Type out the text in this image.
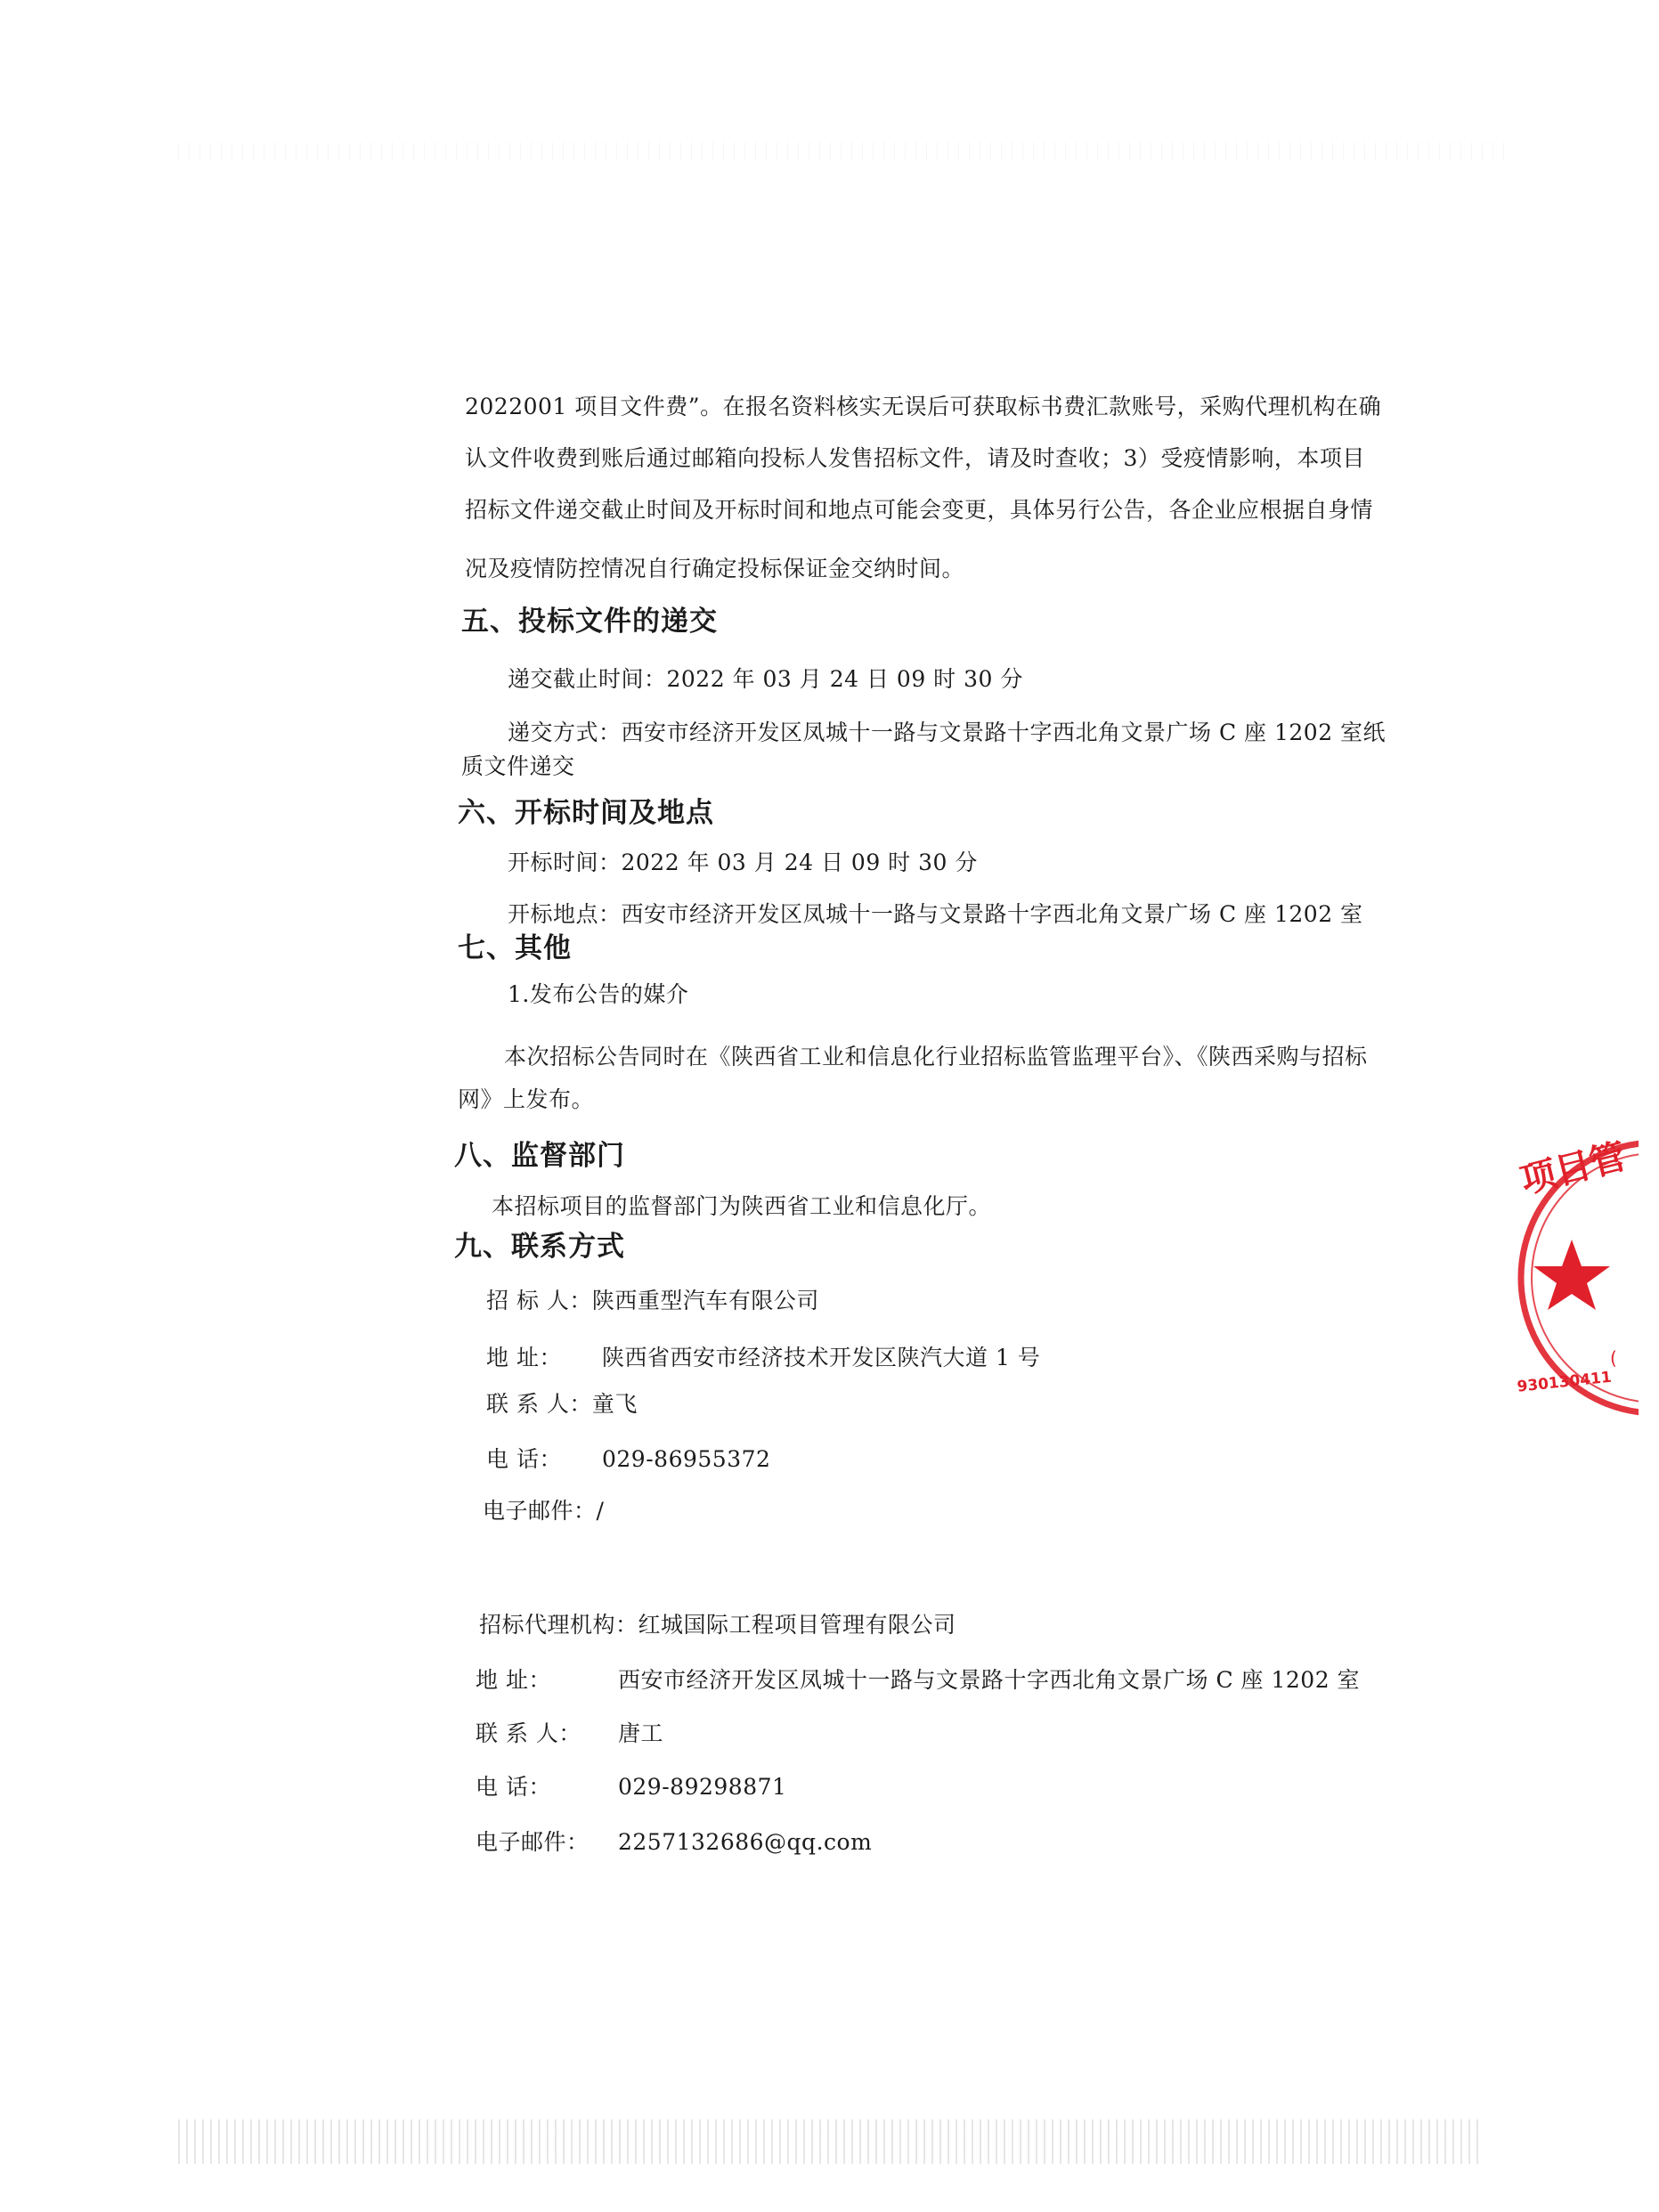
2022001 项目文件费”。在报名资料核实无误后可获取标书费汇款账号，采购代理机构在确
认文件收费到账后通过邮箱向投标人发售招标文件，请及时查收；3）受疫情影响，本项目
招标文件递交截止时间及开标时间和地点可能会变更，具体另行公告，各企业应根据自身情
况及疫情防控情况自行确定投标保证金交纳时间。
五、投标文件的递交
递交截止时间：2022 年 03 月 24 日 09 时 30 分
递交方式：西安市经济开发区凤城十一路与文景路十字西北角文景广场 C 座 1202 室纸
质文件递交
六、开标时间及地点
开标时间：2022 年 03 月 24 日 09 时 30 分
开标地点：西安市经济开发区凤城十一路与文景路十字西北角文景广场 C 座 1202 室
七、其他
1.发布公告的媒介
本次招标公告同时在《陕西省工业和信息化行业招标监管监理平台》、《陕西采购与招标
网》上发布。
八、监督部门
本招标项目的监督部门为陕西省工业和信息化厅。
九、联系方式
招 标 人：陕西重型汽车有限公司
地 址： 陕西省西安市经济技术开发区陕汽大道 1 号
联 系 人：童飞
电 话： 029-86955372
电子邮件：/
招标代理机构：红城国际工程项目管理有限公司
地 址：	西安市经济开发区凤城十一路与文景路十字西北角文景广场 C 座 1202 室
联 系 人： 唐工
电 话：	029-89298871
电子邮件： 2257132686@qq.com
项目管
930130411
(
